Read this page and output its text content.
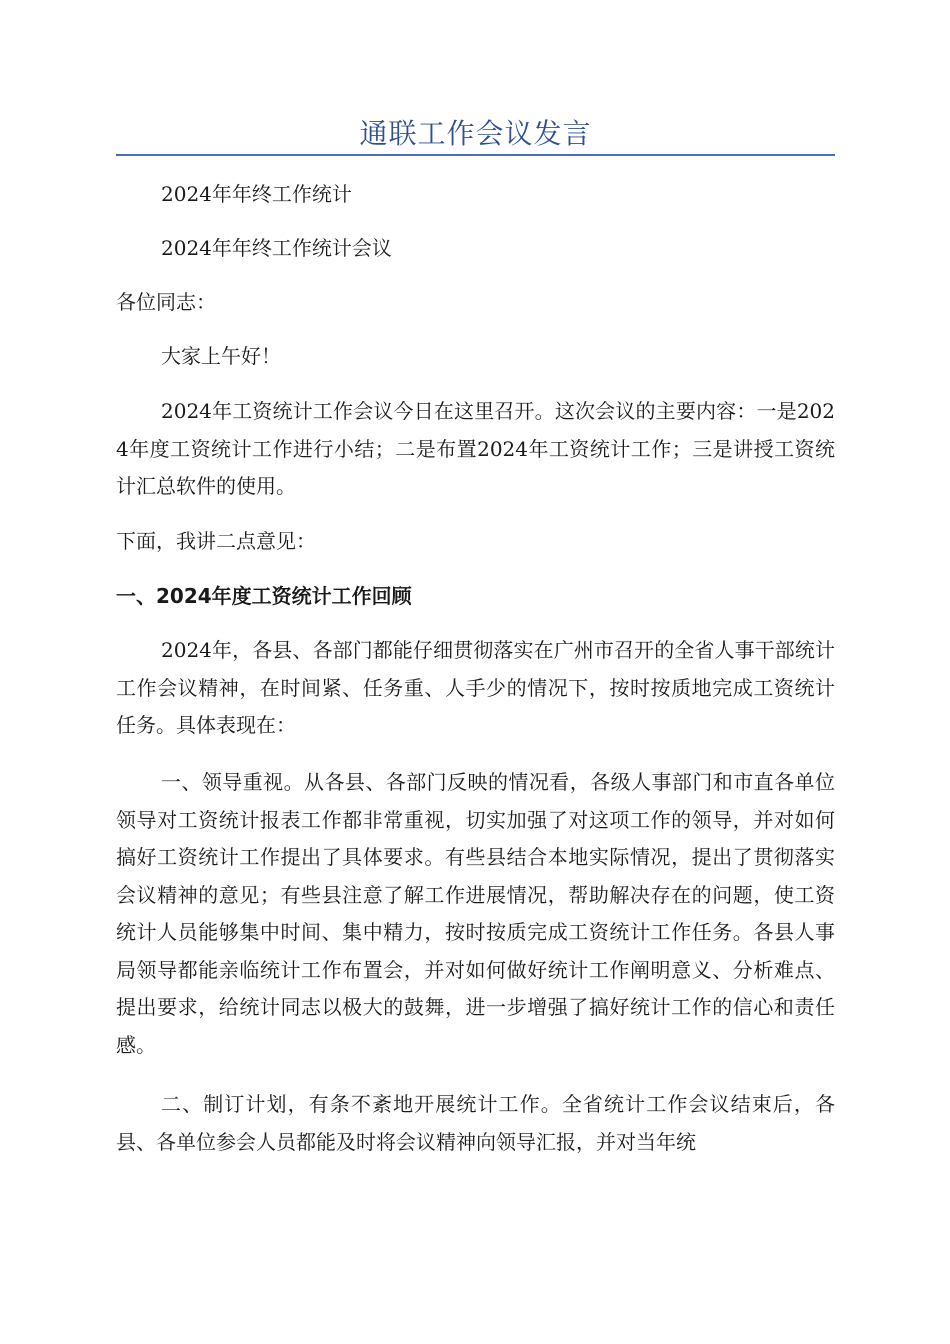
通联工作会议发言
2024年年终工作统计
2024年年终工作统计会议
各位同志：
大家上午好！
2024年工资统计工作会议今日在这里召开。这次会议的主要内容：一是2024年度工资统计工作进行小结；二是布置2024年工资统计工作；三是讲授工资统计汇总软件的使用。
下面，我讲二点意见：
一、2024年度工资统计工作回顾
2024年，各县、各部门都能仔细贯彻落实在广州市召开的全省人事干部统计工作会议精神，在时间紧、任务重、人手少的情况下，按时按质地完成工资统计任务。具体表现在：
一、领导重视。从各县、各部门反映的情况看，各级人事部门和市直各单位领导对工资统计报表工作都非常重视，切实加强了对这项工作的领导，并对如何搞好工资统计工作提出了具体要求。有些县结合本地实际情况，提出了贯彻落实会议精神的意见；有些县注意了解工作进展情况，帮助解决存在的问题，使工资统计人员能够集中时间、集中精力，按时按质完成工资统计工作任务。各县人事局领导都能亲临统计工作布置会，并对如何做好统计工作阐明意义、分析难点、提出要求，给统计同志以极大的鼓舞，进一步增强了搞好统计工作的信心和责任感。
二、制订计划，有条不紊地开展统计工作。全省统计工作会议结束后，各县、各单位参会人员都能及时将会议精神向领导汇报，并对当年统
